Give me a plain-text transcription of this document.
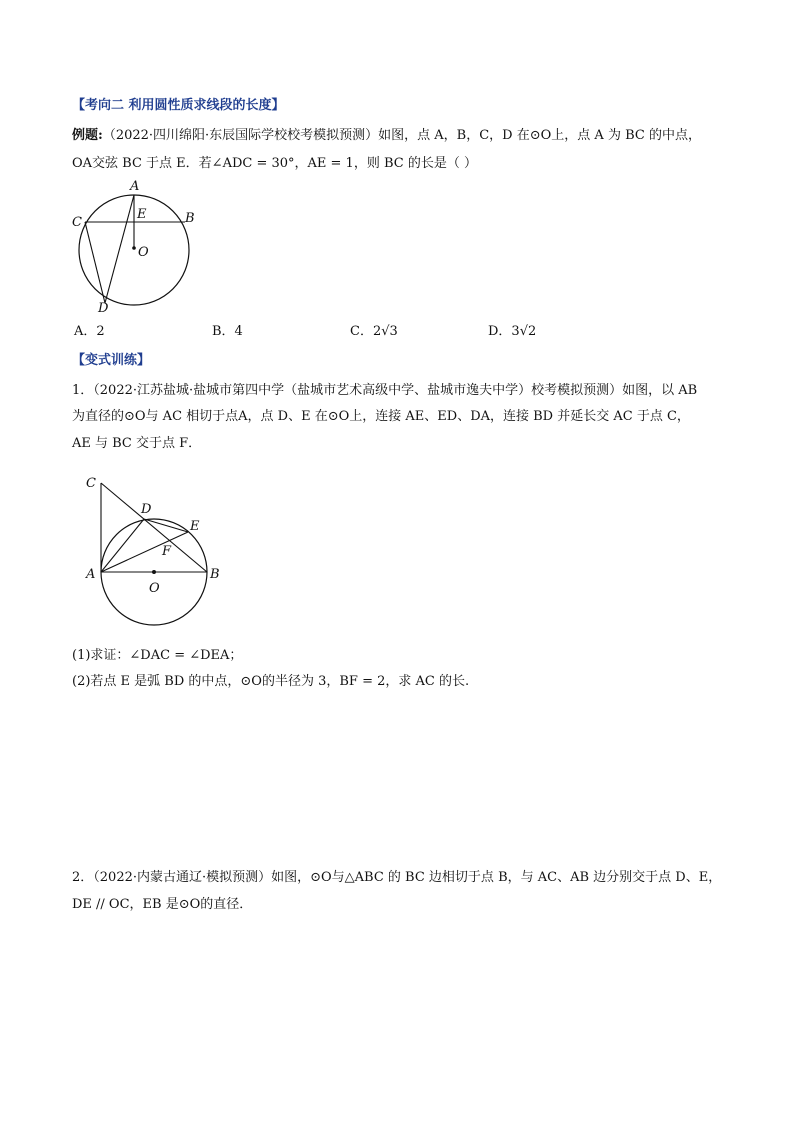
【考向二 利用圆性质求线段的长度】
例题:（2022·四川绵阳·东辰国际学校校考模拟预测）如图，点 A，B，C，D 在⊙O上，点 A 为 BC 的中点，
OA交弦 BC 于点 E．若∠ADC = 30°，AE = 1，则 BC 的长是（ ）
A
B
C
D
E
O
A．2	B．4	C．2√3	D．3√2
【变式训练】
1．（2022·江苏盐城·盐城市第四中学（盐城市艺术高级中学、盐城市逸夫中学）校考模拟预测）如图，以 AB
为直径的⊙O与 AC 相切于点A，点 D、E 在⊙O上，连接 AE、ED、DA，连接 BD 并延长交 AC 于点 C，
AE 与 BC 交于点 F．
C
D
E
F
A	B
O
(1)求证：∠DAC = ∠DEA；
(2)若点 E 是弧 BD 的中点，⊙O的半径为 3，BF = 2，求 AC 的长.
2．（2022·内蒙古通辽·模拟预测）如图，⊙O与△ABC 的 BC 边相切于点 B，与 AC、AB 边分别交于点 D、E，
DE // OC，EB 是⊙O的直径．
